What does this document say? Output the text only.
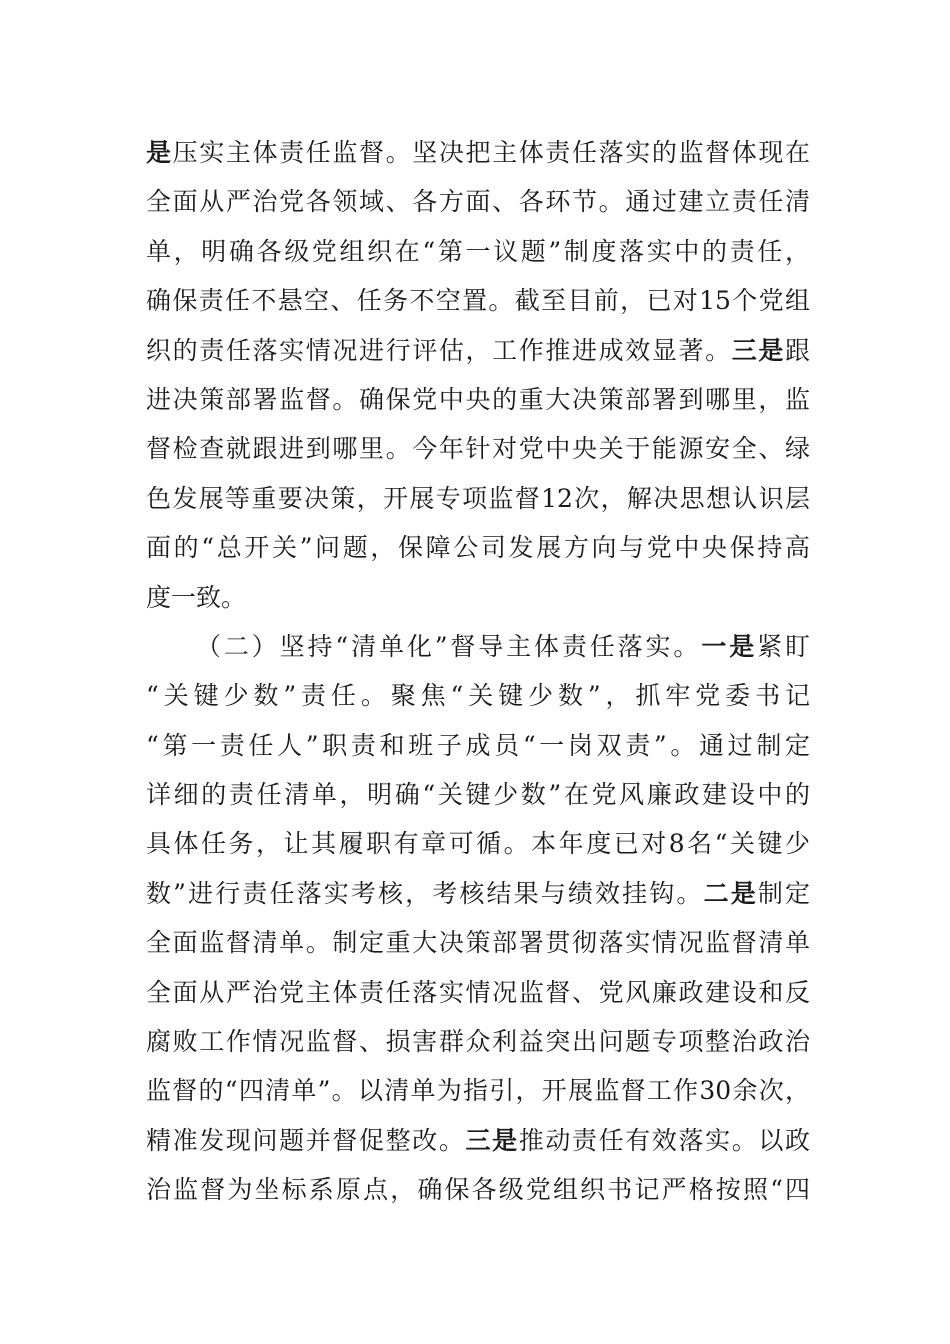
是压实主体责任监督。坚决把主体责任落实的监督体现在
全面从严治党各领域、各方面、各环节。通过建立责任清
单，明确各级党组织在“第一议题”制度落实中的责任，
确保责任不悬空、任务不空置。截至目前，已对15个党组
织的责任落实情况进行评估，工作推进成效显著。三是跟
进决策部署监督。确保党中央的重大决策部署到哪里，监
督检查就跟进到哪里。今年针对党中央关于能源安全、绿
色发展等重要决策，开展专项监督12次，解决思想认识层
面的“总开关”问题，保障公司发展方向与党中央保持高
度一致。
（二）坚持“清单化”督导主体责任落实。一是紧盯
“关键少数”责任。聚焦“关键少数”，抓牢党委书记
“第一责任人”职责和班子成员“一岗双责”。通过制定
详细的责任清单，明确“关键少数”在党风廉政建设中的
具体任务，让其履职有章可循。本年度已对8名“关键少
数”进行责任落实考核，考核结果与绩效挂钩。二是制定
全面监督清单。制定重大决策部署贯彻落实情况监督清单
全面从严治党主体责任落实情况监督、党风廉政建设和反
腐败工作情况监督、损害群众利益突出问题专项整治政治
监督的“四清单”。以清单为指引，开展监督工作30余次，
精准发现问题并督促整改。三是推动责任有效落实。以政
治监督为坐标系原点，确保各级党组织书记严格按照“四
